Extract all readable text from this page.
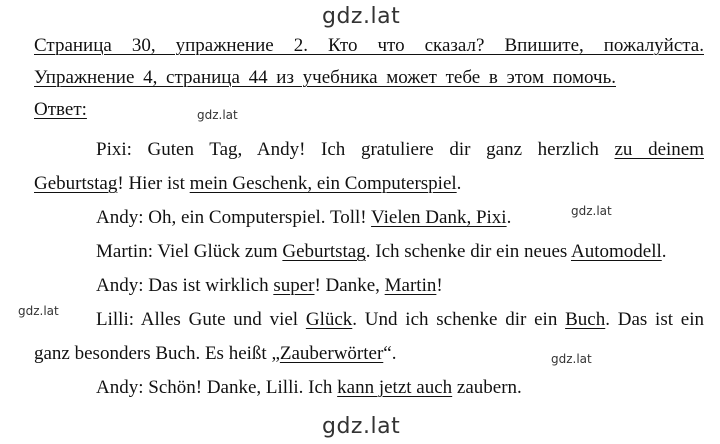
gdz.lat
gdz.lat
gdz.lat
gdz.lat
gdz.lat
gdz.lat
Страница 30, упражнение 2. Кто что сказал? Впишите, пожалуйста.
Упражнение 4, страница 44 из учебника может тебе в этом помочь.
Ответ:
Pixi: Guten Tag, Andy! Ich gratuliere dir ganz herzlich zu deinem
Geburtstag! Hier ist mein Geschenk, ein Computerspiel.
Andy: Oh, ein Computerspiel. Toll! Vielen Dank, Pixi.
Martin: Viel Glück zum Geburtstag. Ich schenke dir ein neues Automodell.
Andy: Das ist wirklich super! Danke, Martin!
Lilli: Alles Gute und viel Glück. Und ich schenke dir ein Buch. Das ist ein
ganz besonders Buch. Es heißt „Zauberwörter“.
Andy: Schön! Danke, Lilli. Ich kann jetzt auch zaubern.
